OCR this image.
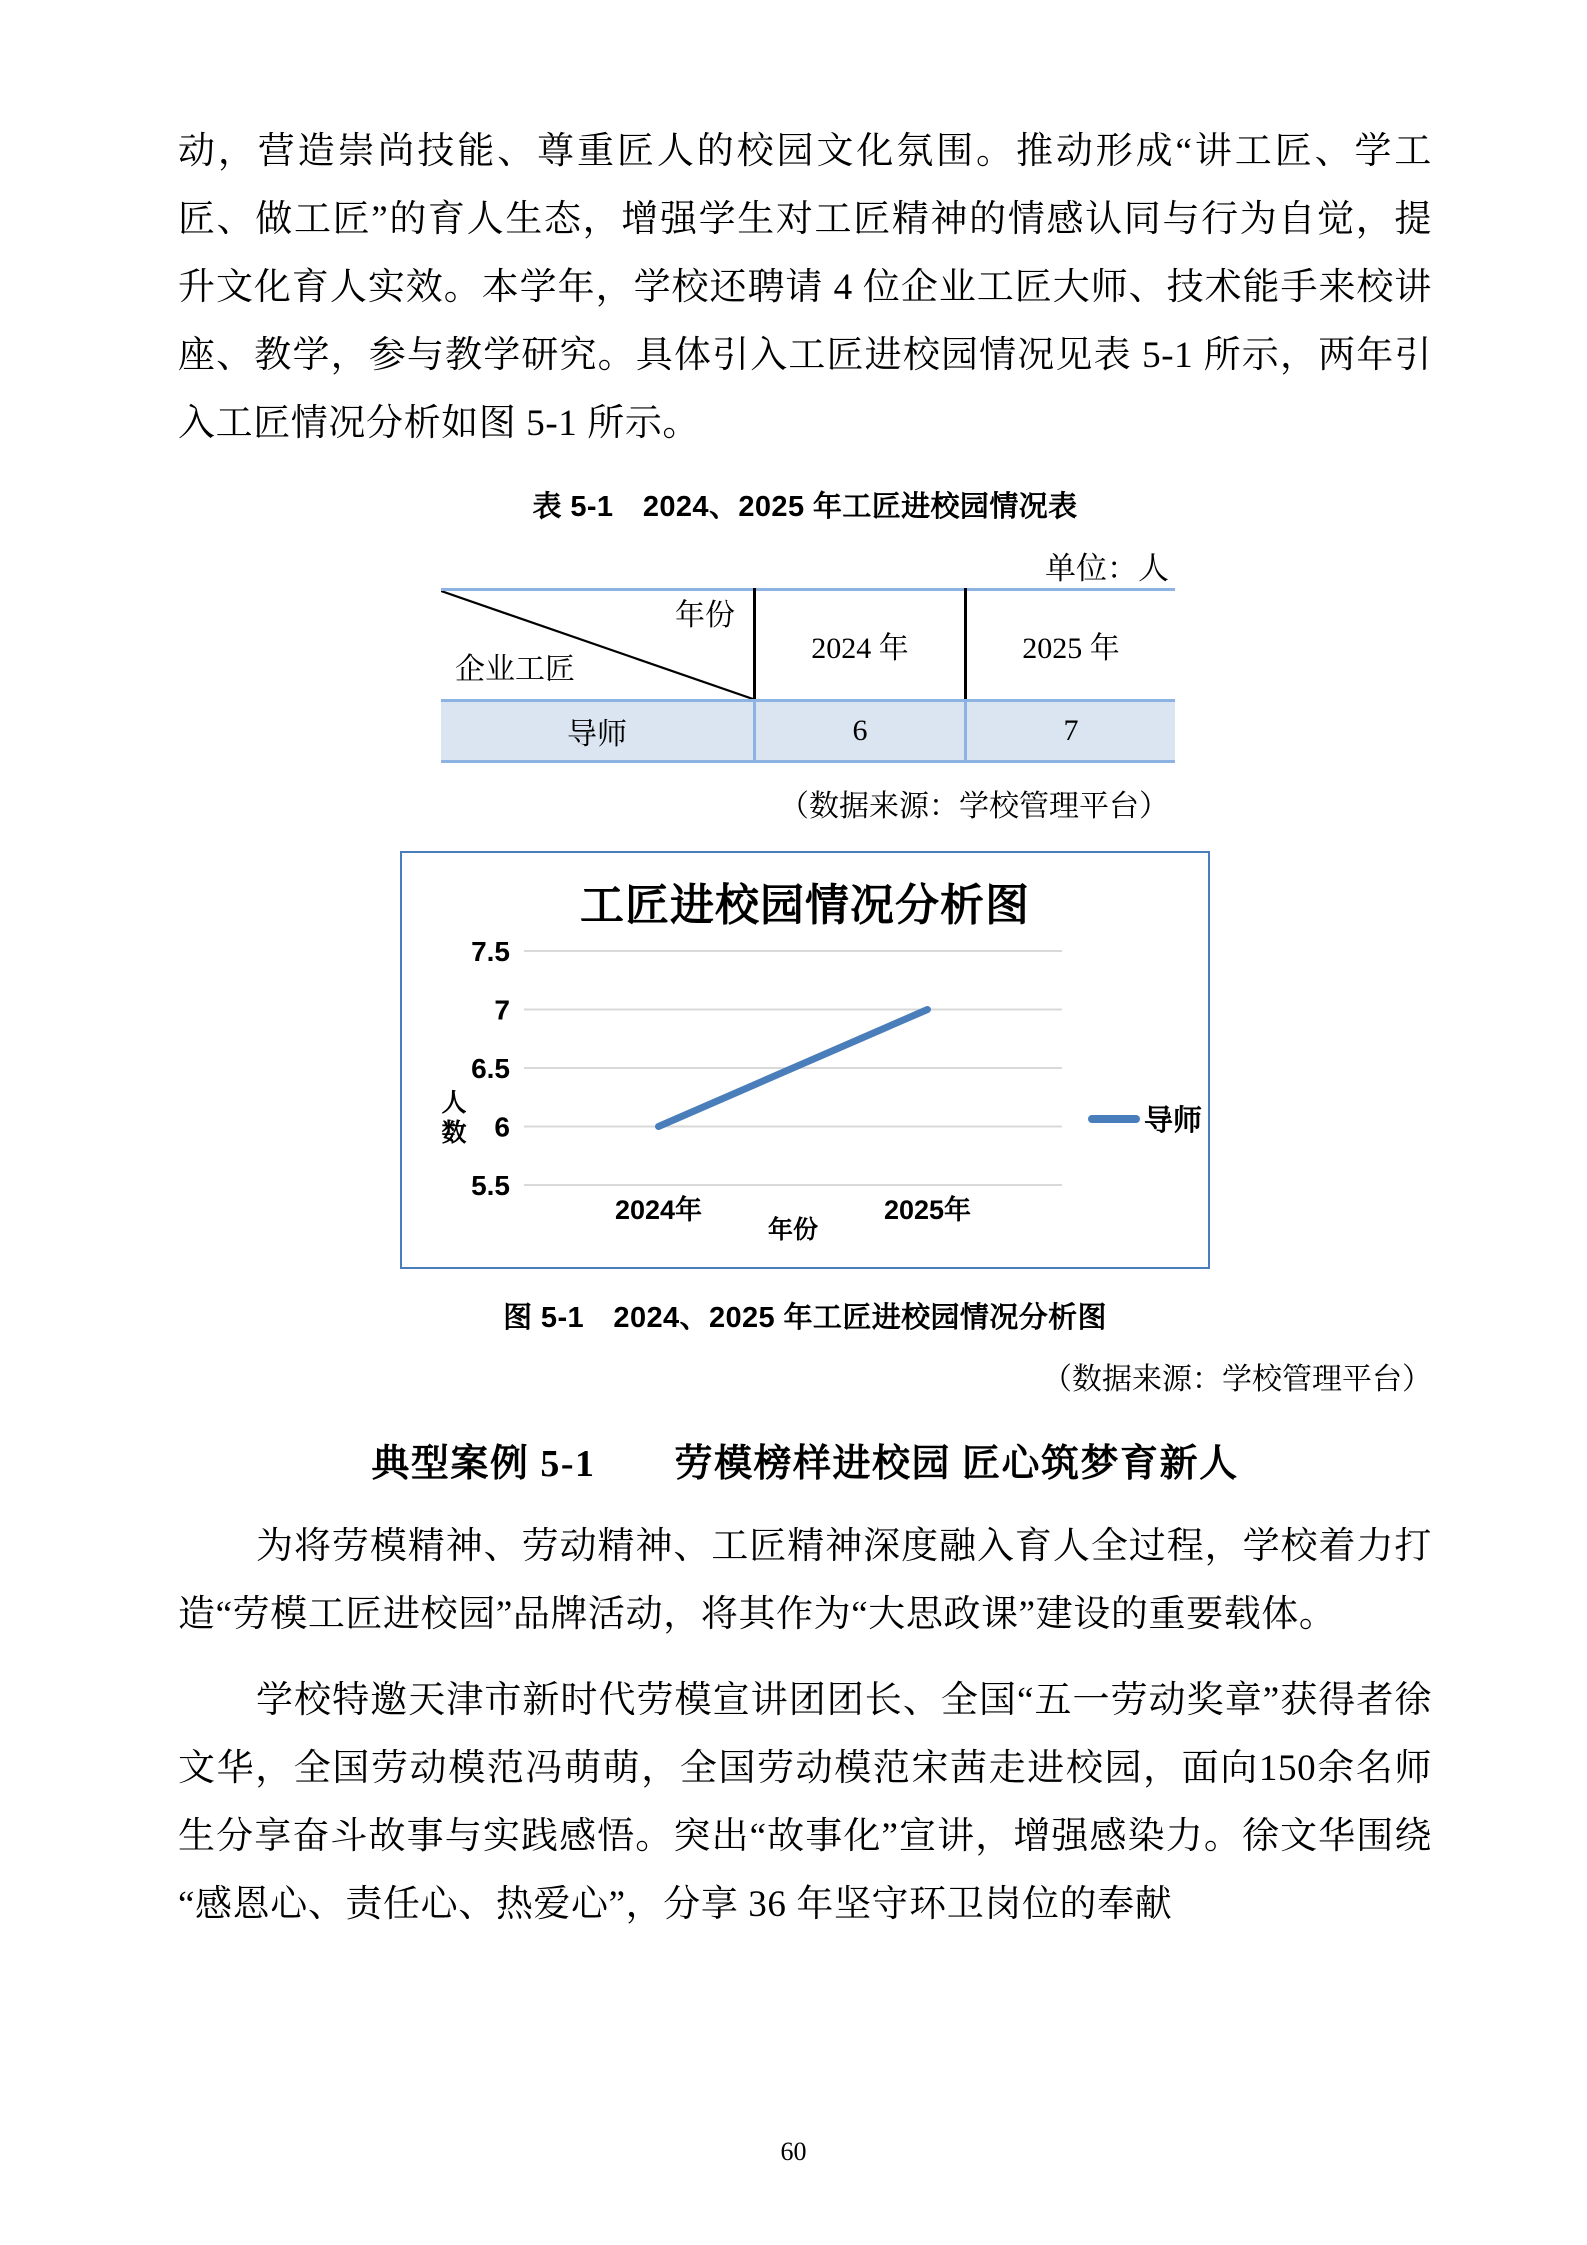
动，营造崇尚技能、尊重匠人的校园文化氛围。推动形成“讲工匠、学工匠、做工匠”的育人生态，增强学生对工匠精神的情感认同与行为自觉，提升文化育人实效。本学年，学校还聘请 4 位企业工匠大师、技术能手来校讲座、教学，参与教学研究。具体引入工匠进校园情况见表 5-1 所示，两年引入工匠情况分析如图 5-1 所示。

表 5-1　2024、2025 年工匠进校园情况表
单位：人
年份
企业工匠	2024 年	2025 年
导师	6	7
（数据来源：学校管理平台）
工匠进校园情况分析图
5.5
6
6.5
7
7.5
2024年	2025年
人
数
年份
导师
图 5-1　2024、2025 年工匠进校园情况分析图
（数据来源：学校管理平台）
典型案例 5-1　　劳模榜样进校园 匠心筑梦育新人

为将劳模精神、劳动精神、工匠精神深度融入育人全过程，学校着力打造“劳模工匠进校园”品牌活动，将其作为“大思政课”建设的重要载体。

学校特邀天津市新时代劳模宣讲团团长、全国“五一劳动奖章”获得者徐文华，全国劳动模范冯萌萌，全国劳动模范宋茜走进校园，面向150余名师生分享奋斗故事与实践感悟。突出“故事化”宣讲，增强感染力。徐文华围绕“感恩心、责任心、热爱心”，分享 36 年坚守环卫岗位的奉献

60
